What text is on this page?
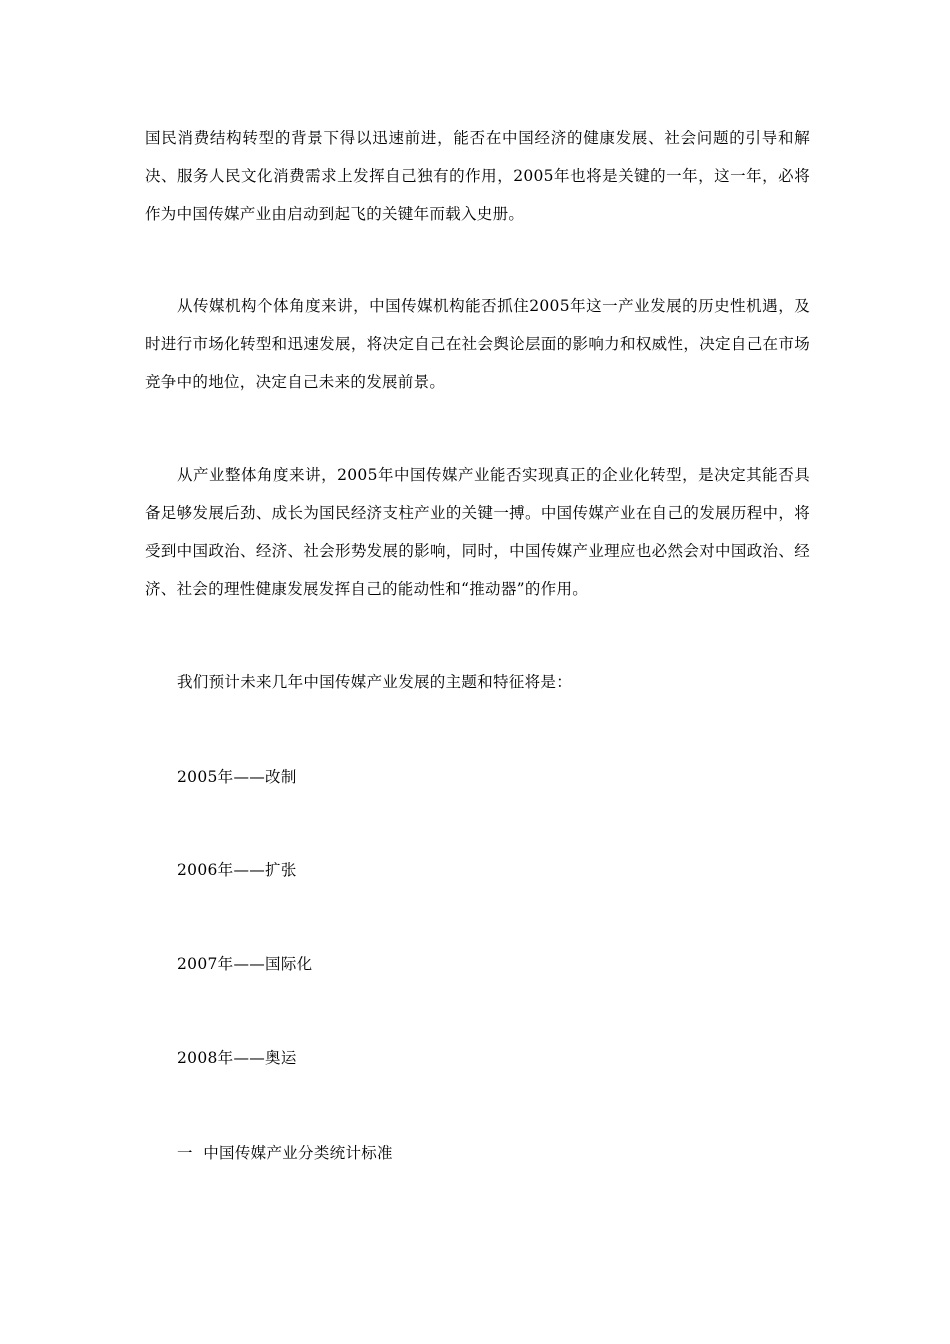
国民消费结构转型的背景下得以迅速前进，能否在中国经济的健康发展、社会问题的引导和解决、服务人民文化消费需求上发挥自己独有的作用，2005年也将是关键的一年，这一年，必将作为中国传媒产业由启动到起飞的关键年而载入史册。

从传媒机构个体角度来讲，中国传媒机构能否抓住2005年这一产业发展的历史性机遇，及时进行市场化转型和迅速发展，将决定自己在社会舆论层面的影响力和权威性，决定自己在市场竞争中的地位，决定自己未来的发展前景。

从产业整体角度来讲，2005年中国传媒产业能否实现真正的企业化转型，是决定其能否具备足够发展后劲、成长为国民经济支柱产业的关键一搏。中国传媒产业在自己的发展历程中，将受到中国政治、经济、社会形势发展的影响，同时，中国传媒产业理应也必然会对中国政治、经济、社会的理性健康发展发挥自己的能动性和“推动器”的作用。

我们预计未来几年中国传媒产业发展的主题和特征将是：

2005年——改制

2006年——扩张

2007年——国际化

2008年——奥运

一  中国传媒产业分类统计标准
